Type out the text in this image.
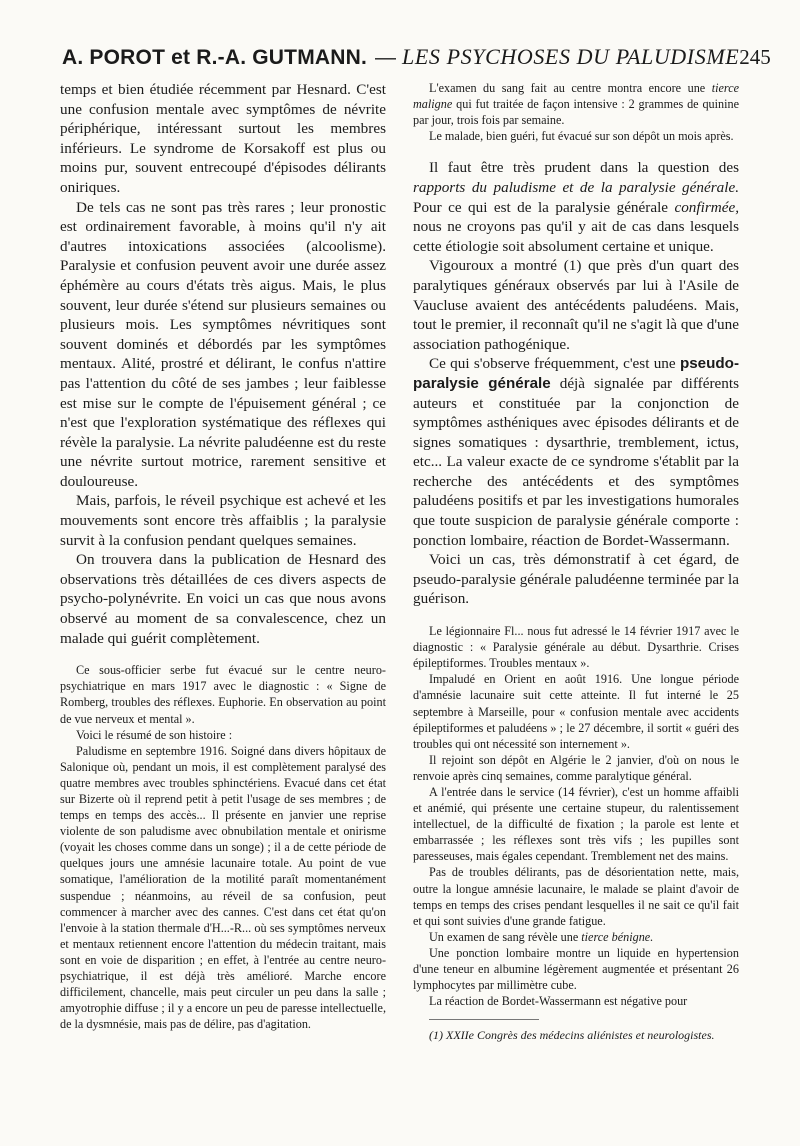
A. POROT et R.-A. GUTMANN. — LES PSYCHOSES DU PALUDISME 245

temps et bien étudiée récemment par Hesnard. C'est une confusion mentale avec symptômes de névrite périphérique, intéressant surtout les membres inférieurs. Le syndrome de Korsakoff est plus ou moins pur, souvent entrecoupé d'épisodes délirants oniriques.

De tels cas ne sont pas très rares ; leur pronostic est ordinairement favorable, à moins qu'il n'y ait d'autres intoxications associées (alcoolisme). Paralysie et confusion peuvent avoir une durée assez éphémère au cours d'états très aigus. Mais, le plus souvent, leur durée s'étend sur plusieurs semaines ou plusieurs mois. Les symptômes névritiques sont souvent dominés et débordés par les symptômes mentaux. Alité, prostré et délirant, le confus n'attire pas l'attention du côté de ses jambes ; leur faiblesse est mise sur le compte de l'épuisement général ; ce n'est que l'exploration systématique des réflexes qui révèle la paralysie. La névrite paludéenne est du reste une névrite surtout motrice, rarement sensitive et douloureuse.

Mais, parfois, le réveil psychique est achevé et les mouvements sont encore très affaiblis ; la paralysie survit à la confusion pendant quelques semaines.

On trouvera dans la publication de Hesnard des observations très détaillées de ces divers aspects de psycho-polynévrite. En voici un cas que nous avons observé au moment de sa convalescence, chez un malade qui guérit complètement.

Ce sous-officier serbe fut évacué sur le centre neuro-psychiatrique en mars 1917 avec le diagnostic : « Signe de Romberg, troubles des réflexes. Euphorie. En observation au point de vue nerveux et mental ».

Voici le résumé de son histoire :

Paludisme en septembre 1916. Soigné dans divers hôpitaux de Salonique où, pendant un mois, il est complètement paralysé des quatre membres avec troubles sphinctériens. Evacué dans cet état sur Bizerte où il reprend petit à petit l'usage de ses membres ; de temps en temps des accès... Il présente en janvier une reprise violente de son paludisme avec obnubilation mentale et onirisme (voyait les choses comme dans un songe) ; il a de cette période de quelques jours une amnésie lacunaire totale. Au point de vue somatique, l'amélioration de la motilité paraît momentanément suspendue ; néanmoins, au réveil de sa confusion, peut commencer à marcher avec des cannes. C'est dans cet état qu'on l'envoie à la station thermale d'H...-R... où ses symptômes nerveux et mentaux retiennent encore l'attention du médecin traitant, mais sont en voie de disparition ; en effet, à l'entrée au centre neuro-psychiatrique, il est déjà très amélioré. Marche encore difficilement, chancelle, mais peut circuler un peu dans la salle ; amyotrophie diffuse ; il y a encore un peu de paresse intellectuelle, de la dysmnésie, mais pas de délire, pas d'agitation.

L'examen du sang fait au centre montra encore une tierce maligne qui fut traitée de façon intensive : 2 grammes de quinine par jour, trois fois par semaine.

Le malade, bien guéri, fut évacué sur son dépôt un mois après.

Il faut être très prudent dans la question des rapports du paludisme et de la paralysie générale. Pour ce qui est de la paralysie générale confirmée, nous ne croyons pas qu'il y ait de cas dans lesquels cette étiologie soit absolument certaine et unique.

Vigouroux a montré (1) que près d'un quart des paralytiques généraux observés par lui à l'Asile de Vaucluse avaient des antécédents paludéens. Mais, tout le premier, il reconnaît qu'il ne s'agit là que d'une association pathogénique.

Ce qui s'observe fréquemment, c'est une pseudo-paralysie générale déjà signalée par différents auteurs et constituée par la conjonction de symptômes asthéniques avec épisodes délirants et de signes somatiques : dysarthrie, tremblement, ictus, etc... La valeur exacte de ce syndrome s'établit par la recherche des antécédents et des symptômes paludéens positifs et par les investigations humorales que toute suspicion de paralysie générale comporte : ponction lombaire, réaction de Bordet-Wassermann.

Voici un cas, très démonstratif à cet égard, de pseudo-paralysie générale paludéenne terminée par la guérison.

Le légionnaire Fl... nous fut adressé le 14 février 1917 avec le diagnostic : « Paralysie générale au début. Dysarthrie. Crises épileptiformes. Troubles mentaux ».

Impaludé en Orient en août 1916. Une longue période d'amnésie lacunaire suit cette atteinte. Il fut interné le 25 septembre à Marseille, pour « confusion mentale avec accidents épileptiformes et paludéens » ; le 27 décembre, il sortit « guéri des troubles qui ont nécessité son internement ».

Il rejoint son dépôt en Algérie le 2 janvier, d'où on nous le renvoie après cinq semaines, comme paralytique général.

A l'entrée dans le service (14 février), c'est un homme affaibli et anémié, qui présente une certaine stupeur, du ralentissement intellectuel, de la difficulté de fixation ; la parole est lente et embarrassée ; les réflexes sont très vifs ; les pupilles sont paresseuses, mais égales cependant. Tremblement net des mains.

Pas de troubles délirants, pas de désorientation nette, mais, outre la longue amnésie lacunaire, le malade se plaint d'avoir de temps en temps des crises pendant lesquelles il ne sait ce qu'il fait et qui sont suivies d'une grande fatigue.

Un examen de sang révèle une tierce bénigne.

Une ponction lombaire montre un liquide en hypertension d'une teneur en albumine légèrement augmentée et présentant 26 lymphocytes par millimètre cube.

La réaction de Bordet-Wassermann est négative pour

(1) XXIIe Congrès des médecins aliénistes et neurologistes.
